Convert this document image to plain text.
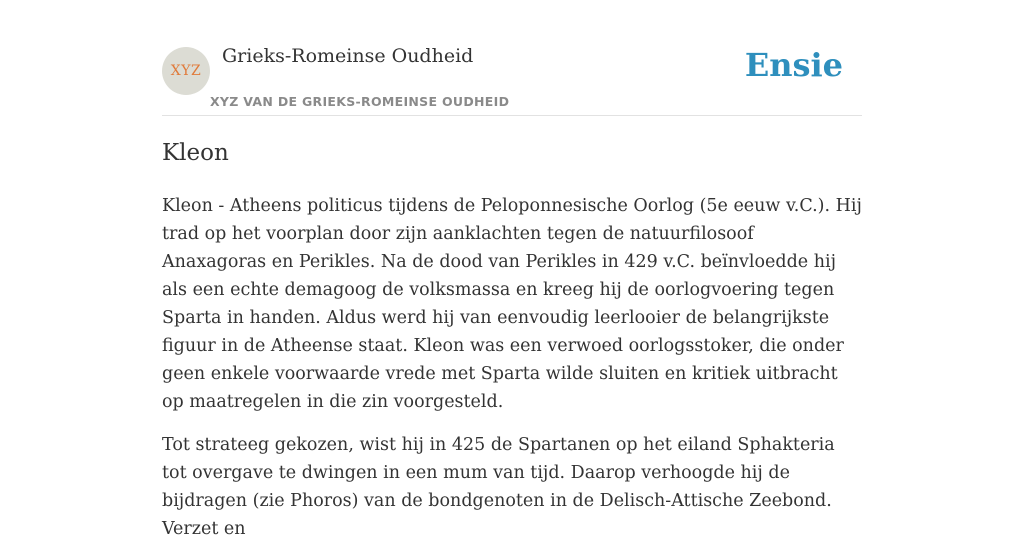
XYZ
Grieks-Romeinse Oudheid
XYZ VAN DE GRIEKS-ROMEINSE OUDHEID
Ensie
Kleon

Kleon - Atheens politicus tijdens de Peloponnesische Oorlog (5e eeuw v.C.). Hij trad op het voorplan door zijn aanklachten tegen de natuurfilosoof Anaxagoras en Perikles. Na de dood van Perikles in 429 v.C. beïnvloedde hij als een echte demagoog de volksmassa en kreeg hij de oorlogvoering tegen Sparta in handen. Aldus werd hij van eenvoudig leerlooier de belangrijkste figuur in de Atheense staat. Kleon was een verwoed oorlogsstoker, die onder geen enkele voorwaarde vrede met Sparta wilde sluiten en kritiek uitbracht op maatregelen in die zin voorgesteld.

Tot strateeg gekozen, wist hij in 425 de Spartanen op het eiland Sphakteria tot overgave te dwingen in een mum van tijd. Daarop verhoogde hij de bijdragen (zie Phoros) van de bondgenoten in de Delisch-Attische Zeebond. Verzet en
